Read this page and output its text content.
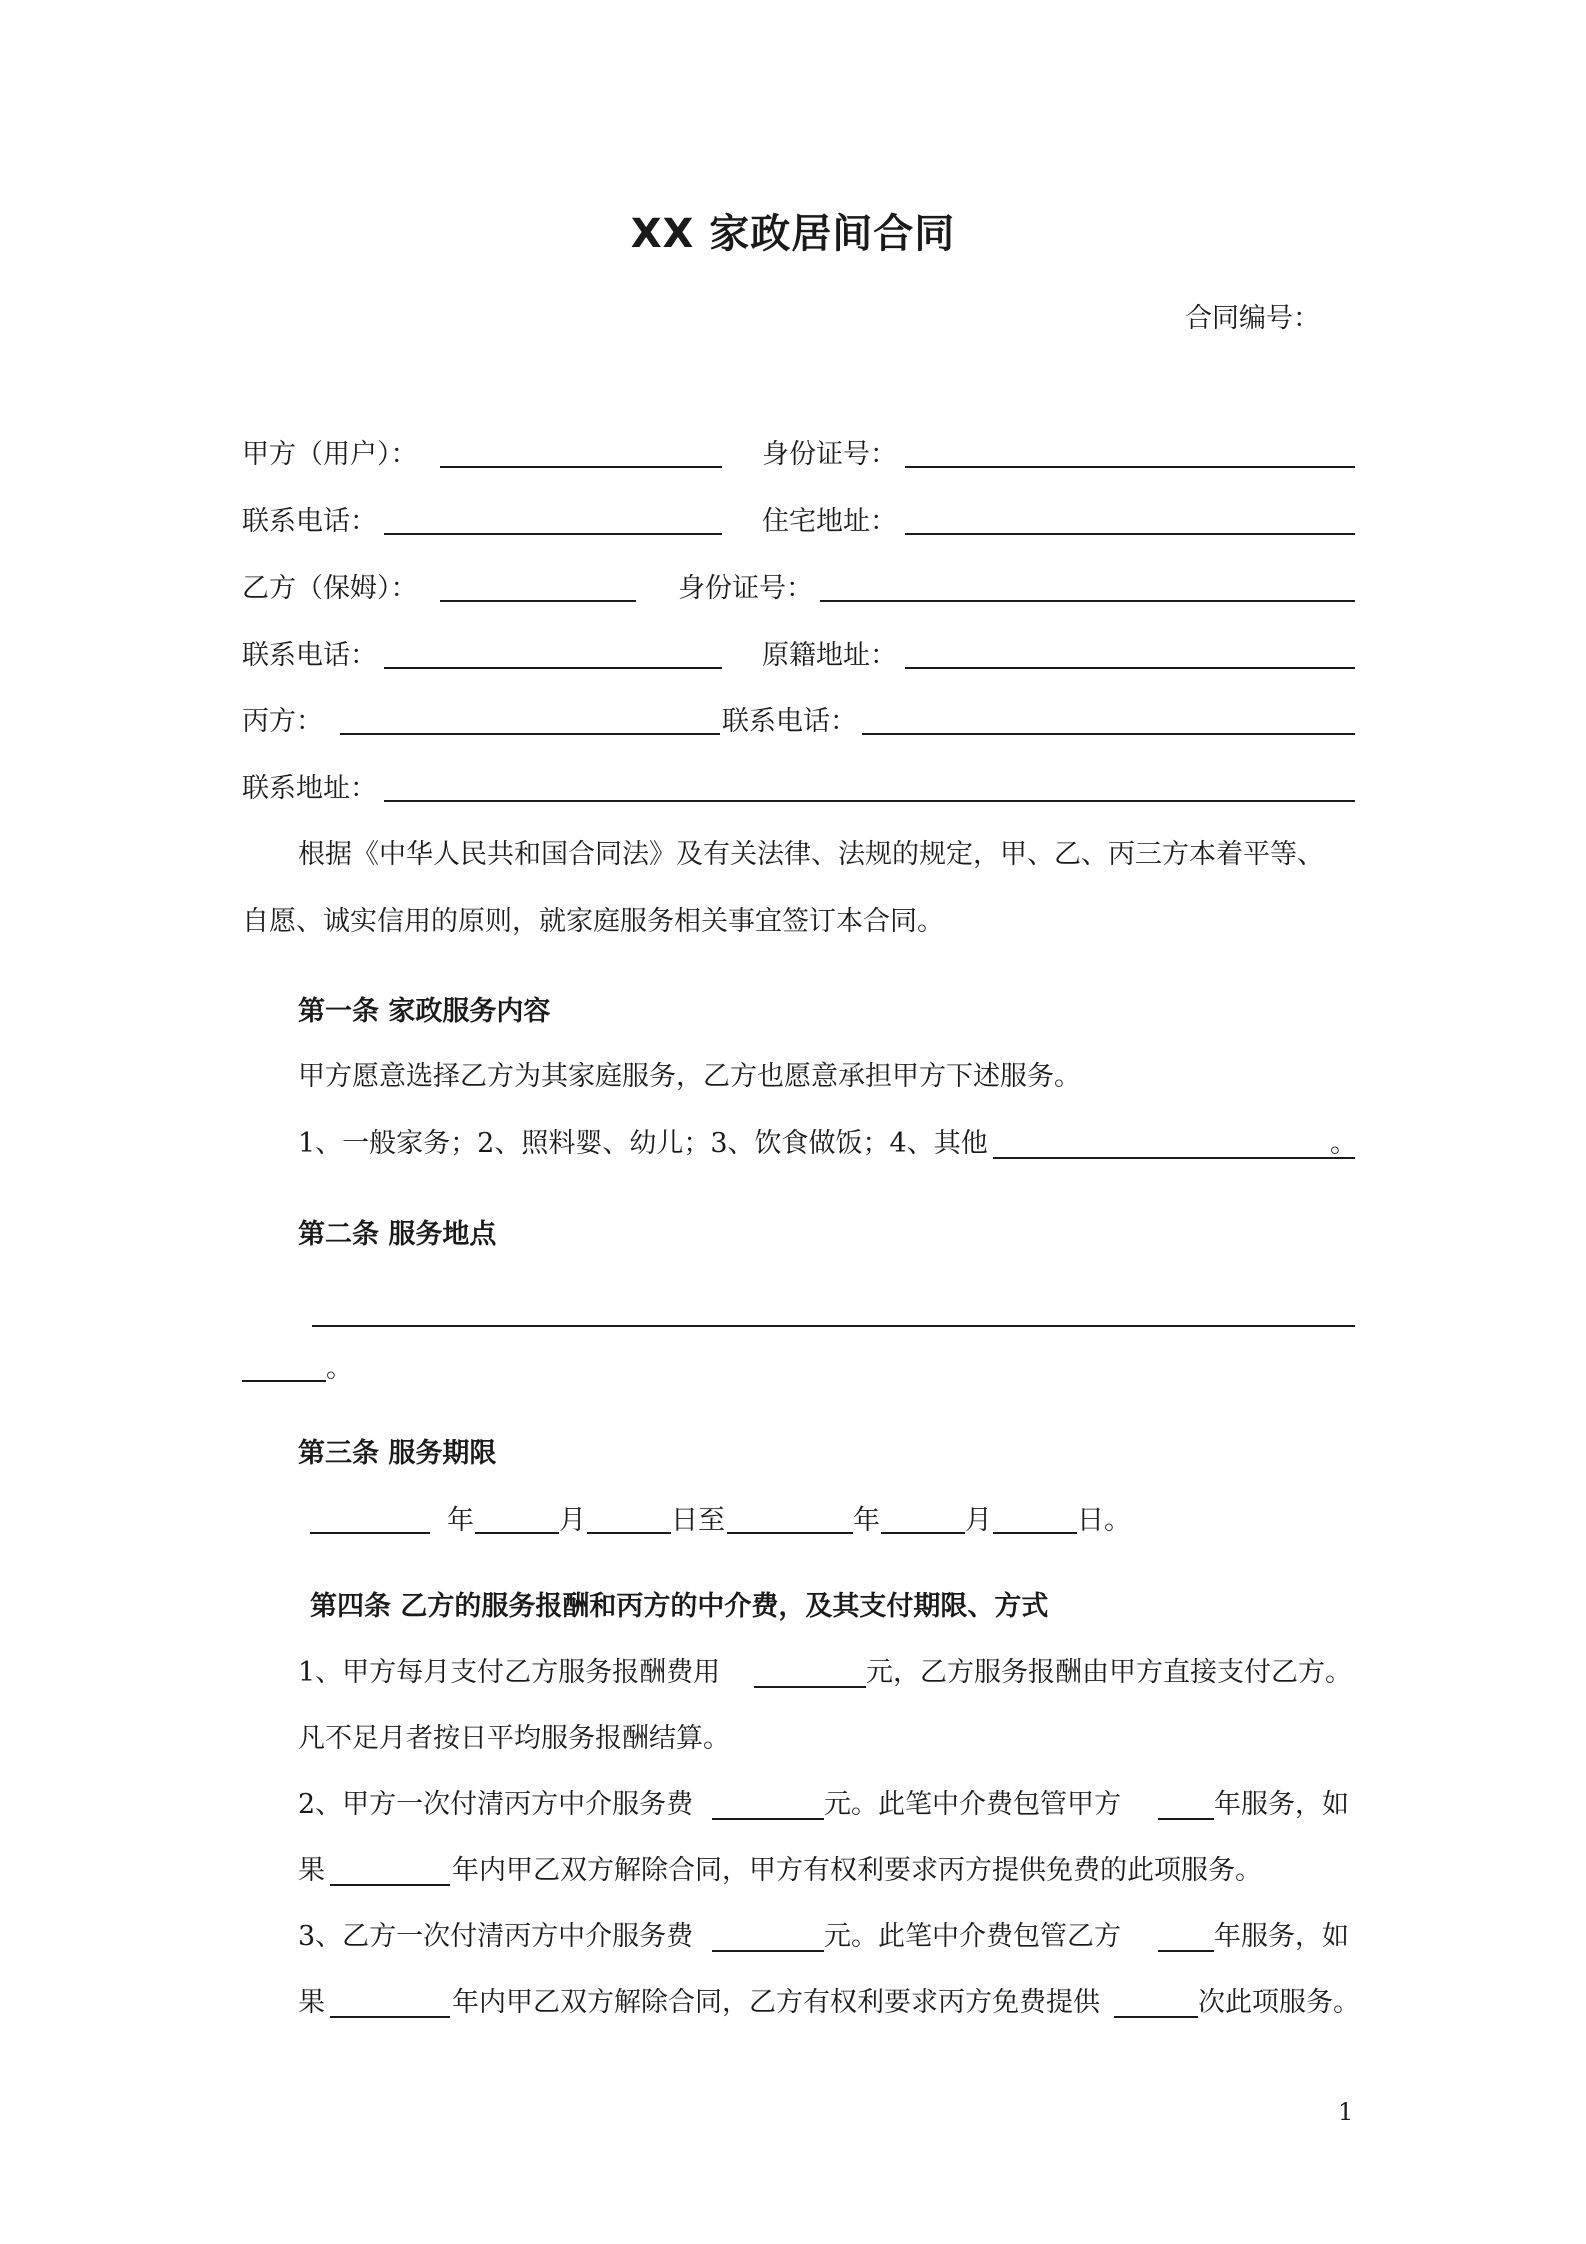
XX 家政居间合同
合同编号：
甲方（用户）：	身份证号：
联系电话：	住宅地址：
乙方（保姆）：	身份证号：
联系电话：	原籍地址：
丙方：	联系电话：
联系地址：
根据《中华人民共和国合同法》及有关法律、法规的规定，甲、乙、丙三方本着平等、
自愿、诚实信用的原则，就家庭服务相关事宜签订本合同。
第一条 家政服务内容
甲方愿意选择乙方为其家庭服务，乙方也愿意承担甲方下述服务。
1、一般家务；2、照料婴、幼儿；3、饮食做饭；4、其他	。
第二条 服务地点
。
第三条 服务期限
年	月	日至	年	月	日。
第四条 乙方的服务报酬和丙方的中介费，及其支付期限、方式
1、甲方每月支付乙方服务报酬费用	元，乙方服务报酬由甲方直接支付乙方。
凡不足月者按日平均服务报酬结算。
2、甲方一次付清丙方中介服务费	元。此笔中介费包管甲方	年服务，如
果	年内甲乙双方解除合同，甲方有权利要求丙方提供免费的此项服务。
3、乙方一次付清丙方中介服务费	元。此笔中介费包管乙方	年服务，如
果	年内甲乙双方解除合同，乙方有权利要求丙方免费提供	次此项服务。
1
